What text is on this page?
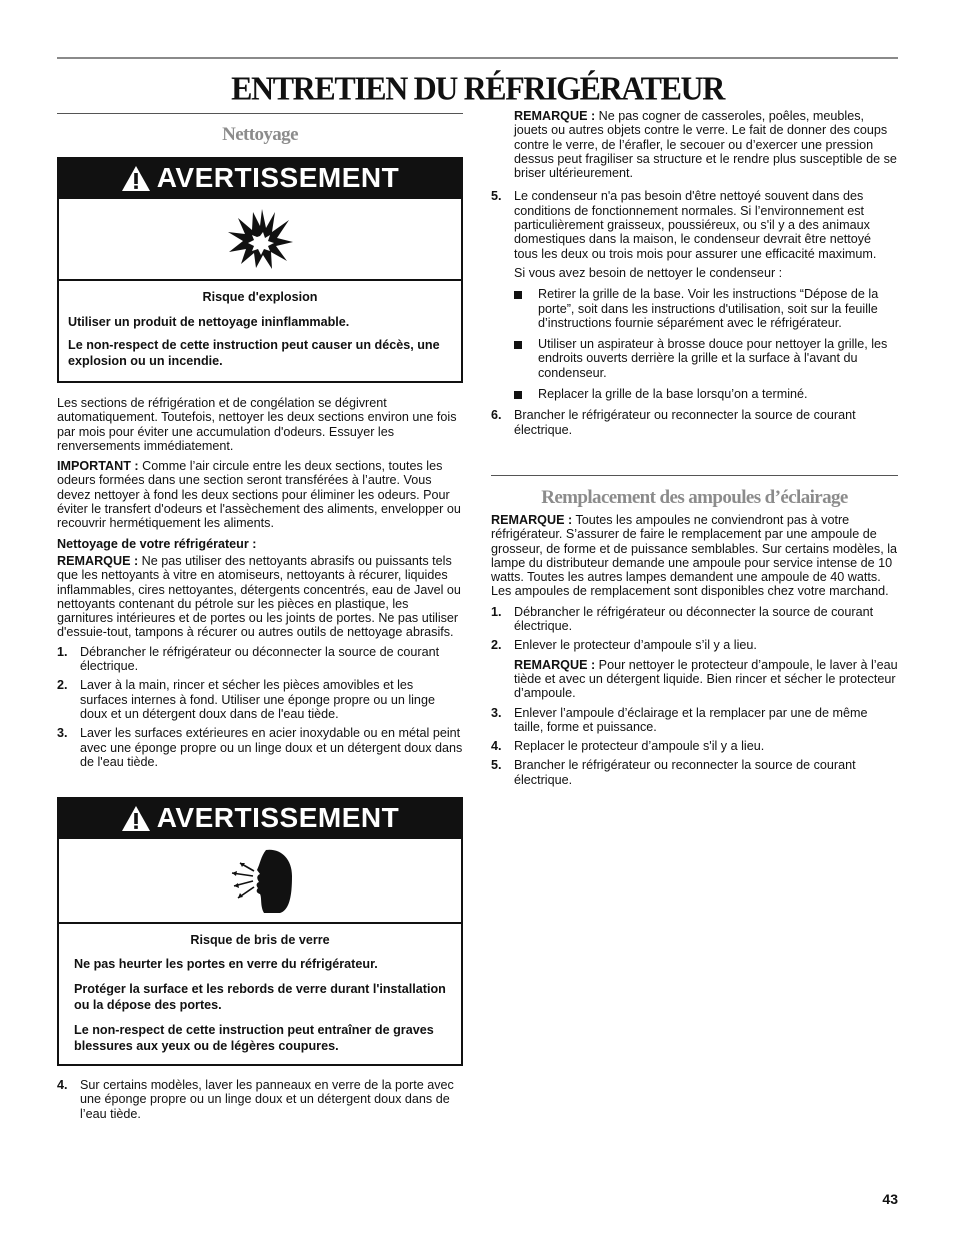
ENTRETIEN DU RÉFRIGÉRATEUR
Nettoyage
AVERTISSEMENT

Risque d'explosion

Utiliser un produit de nettoyage ininflammable.

Le non-respect de cette instruction peut causer un décès, une explosion ou un incendie.

Les sections de réfrigération et de congélation se dégivrent automatiquement. Toutefois, nettoyer les deux sections environ une fois par mois pour éviter une accumulation d'odeurs. Essuyer les renversements immédiatement.

IMPORTANT : Comme l’air circule entre les deux sections, toutes les odeurs formées dans une section seront transférées à l’autre. Vous devez nettoyer à fond les deux sections pour éliminer les odeurs. Pour éviter le transfert d'odeurs et l'assèchement des aliments, envelopper ou recouvrir hermétiquement les aliments.

Nettoyage de votre réfrigérateur :

REMARQUE : Ne pas utiliser des nettoyants abrasifs ou puissants tels que les nettoyants à vitre en atomiseurs, nettoyants à récurer, liquides inflammables, cires nettoyantes, détergents concentrés, eau de Javel ou nettoyants contenant du pétrole sur les pièces en plastique, les garnitures intérieures et de portes ou les joints de portes. Ne pas utiliser d'essuie-tout, tampons à récurer ou autres outils de nettoyage abrasifs.

1. Débrancher le réfrigérateur ou déconnecter la source de courant électrique.
2. Laver à la main, rincer et sécher les pièces amovibles et les surfaces internes à fond. Utiliser une éponge propre ou un linge doux et un détergent doux dans de l'eau tiède.
3. Laver les surfaces extérieures en acier inoxydable ou en métal peint avec une éponge propre ou un linge doux et un détergent doux dans de l'eau tiède.
AVERTISSEMENT

Risque de bris de verre

Ne pas heurter les portes en verre du réfrigérateur.

Protéger la surface et les rebords de verre durant l'installation ou la dépose des portes.

Le non-respect de cette instruction peut entraîner de graves blessures aux yeux ou de légères coupures.

4. Sur certains modèles, laver les panneaux en verre de la porte avec une éponge propre ou un linge doux et un détergent doux dans de l’eau tiède.

REMARQUE : Ne pas cogner de casseroles, poêles, meubles, jouets ou autres objets contre le verre. Le fait de donner des coups contre le verre, de l’érafler, le secouer ou d’exercer une pression dessus peut fragiliser sa structure et le rendre plus susceptible de se briser ultérieurement.

5. Le condenseur n'a pas besoin d'être nettoyé souvent dans des conditions de fonctionnement normales. Si l’environnement est particulièrement graisseux, poussiéreux, ou s'il y a des animaux domestiques dans la maison, le condenseur devrait être nettoyé tous les deux ou trois mois pour assurer une efficacité maximum.

Si vous avez besoin de nettoyer le condenseur :

Retirer la grille de la base. Voir les instructions “Dépose de la porte”, soit dans les instructions d'utilisation, soit sur la feuille d’instructions fournie séparément avec le réfrigérateur.
Utiliser un aspirateur à brosse douce pour nettoyer la grille, les endroits ouverts derrière la grille et la surface à l'avant du condenseur.
Replacer la grille de la base lorsqu’on a terminé.
6. Brancher le réfrigérateur ou reconnecter la source de courant électrique.
Remplacement des ampoules d’éclairage

REMARQUE : Toutes les ampoules ne conviendront pas à votre réfrigérateur. S’assurer de faire le remplacement par une ampoule de grosseur, de forme et de puissance semblables. Sur certains modèles, la lampe du distributeur demande une ampoule pour service intense de 10 watts. Toutes les autres lampes demandent une ampoule de 40 watts. Les ampoules de remplacement sont disponibles chez votre marchand.

1. Débrancher le réfrigérateur ou déconnecter la source de courant électrique.
2. Enlever le protecteur d’ampoule s’il y a lieu.

REMARQUE : Pour nettoyer le protecteur d’ampoule, le laver à l’eau tiède et avec un détergent liquide. Bien rincer et sécher le protecteur d’ampoule.

3. Enlever l’ampoule d’éclairage et la remplacer par une de même taille, forme et puissance.
4. Replacer le protecteur d’ampoule s'il y a lieu.
5. Brancher le réfrigérateur ou reconnecter la source de courant électrique.
43
